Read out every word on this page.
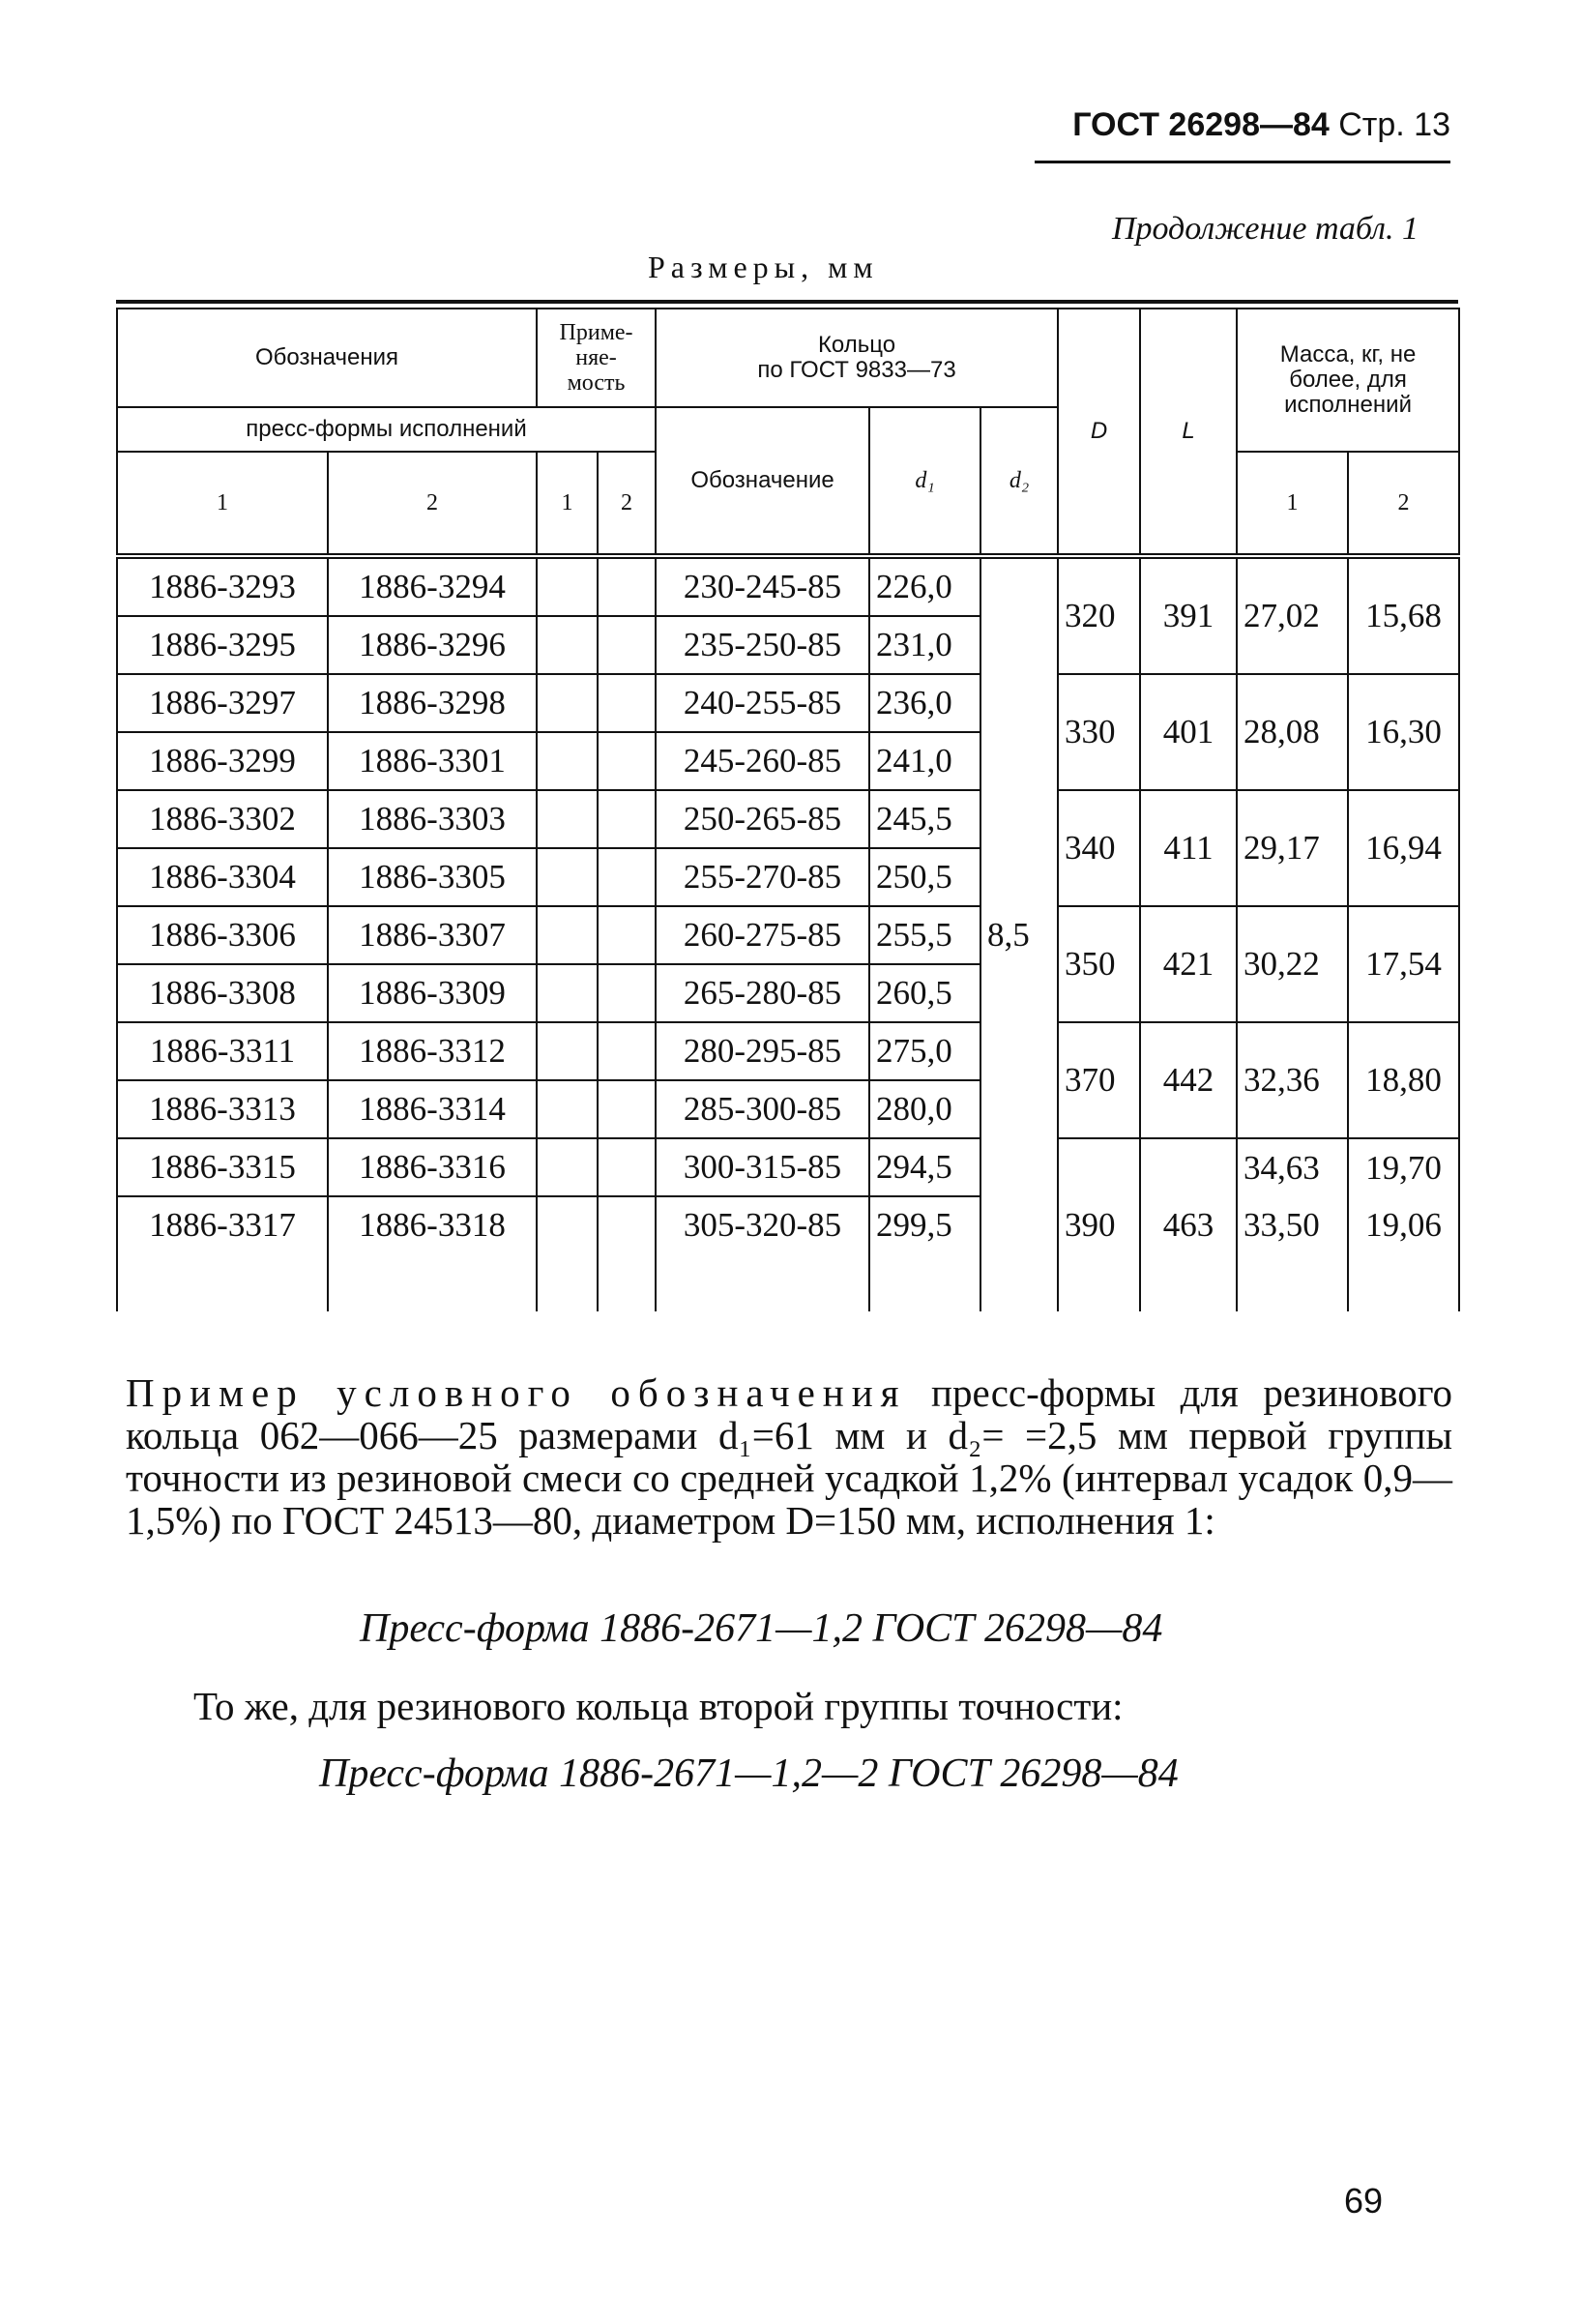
ГОСТ 26298—84 Стр. 13
Продолжение табл. 1
Размеры, мм
Обозначения		Приме-
няе-
мость		Кольцо
по ГОСТ 9833—73			D	L	Масса, кг, не
более, для
исполнений	
пресс-формы исполнений				Обозначение	d₁	d₂				
1	2	1	2						1	2
1886-3293	1886-3294			230-245-85	226,0	8,5	320	391	27,02	15,68
1886-3295	1886-3296			235-250-85	231,0					
1886-3297	1886-3298			240-255-85	236,0		330	401	28,08	16,30
1886-3299	1886-3301			245-260-85	241,0					
1886-3302	1886-3303			250-265-85	245,5		340	411	29,17	16,94
1886-3304	1886-3305			255-270-85	250,5					
1886-3306	1886-3307			260-275-85	255,5		350	421	30,22	17,54
1886-3308	1886-3309			265-280-85	260,5					
1886-3311	1886-3312			280-295-85	275,0		370	442	32,36	18,80
1886-3313	1886-3314			285-300-85	280,0					
1886-3315	1886-3316			300-315-85	294,5		390	463	34,63	19,70
1886-3317	1886-3318			305-320-85	299,5				33,50	19,06

Пример условного обозначения пресс-формы для резинового кольца 062—066—25 размерами d₁=61 мм и d₂= =2,5 мм первой группы точности из резиновой смеси со средней усадкой 1,2% (интервал усадок 0,9—1,5%) по ГОСТ 24513—80, диаметром D=150 мм, исполнения 1:
Пресс-форма 1886-2671—1,2 ГОСТ 26298—84
То же, для резинового кольца второй группы точности:
Пресс-форма 1886-2671—1,2—2 ГОСТ 26298—84
69
